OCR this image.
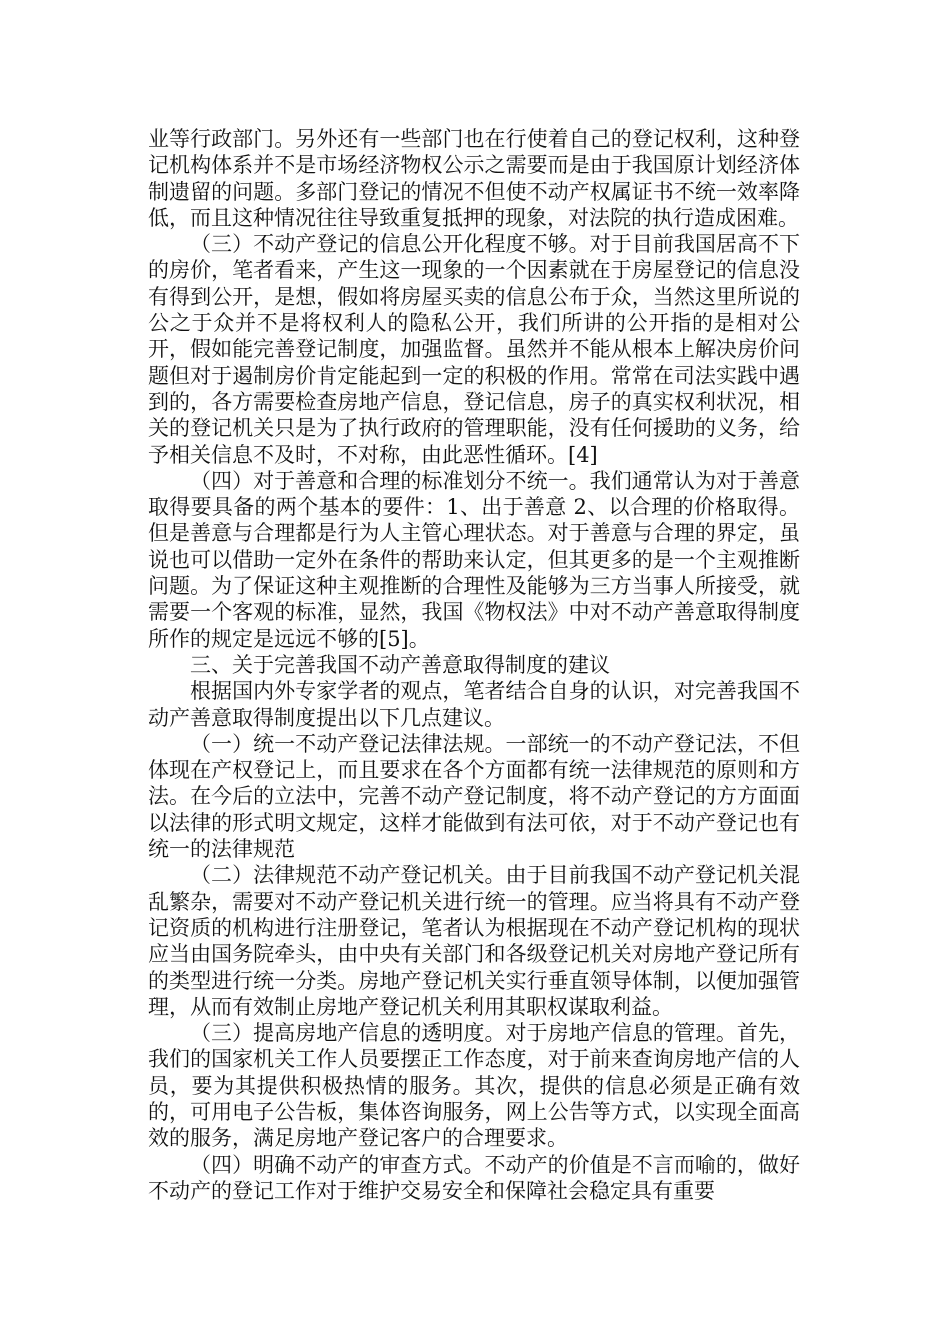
业等行政部门。另外还有一些部门也在行使着自己的登记权利，这种登记机构体系并不是市场经济物权公示之需要而是由于我国原计划经济体制遗留的问题。多部门登记的情况不但使不动产权属证书不统一效率降低，而且这种情况往往导致重复抵押的现象，对法院的执行造成困难。

（三）不动产登记的信息公开化程度不够。对于目前我国居高不下的房价，笔者看来，产生这一现象的一个因素就在于房屋登记的信息没有得到公开，是想，假如将房屋买卖的信息公布于众，当然这里所说的公之于众并不是将权利人的隐私公开，我们所讲的公开指的是相对公开，假如能完善登记制度，加强监督。虽然并不能从根本上解决房价问题但对于遏制房价肯定能起到一定的积极的作用。常常在司法实践中遇到的，各方需要检查房地产信息，登记信息，房子的真实权利状况，相关的登记机关只是为了执行政府的管理职能，没有任何援助的义务，给予相关信息不及时，不对称，由此恶性循环。[4]

（四）对于善意和合理的标准划分不统一。我们通常认为对于善意取得要具备的两个基本的要件：1、出于善意 2、以合理的价格取得。但是善意与合理都是行为人主管心理状态。对于善意与合理的界定，虽说也可以借助一定外在条件的帮助来认定，但其更多的是一个主观推断问题。为了保证这种主观推断的合理性及能够为三方当事人所接受，就需要一个客观的标准，显然，我国《物权法》中对不动产善意取得制度所作的规定是远远不够的[5]。

三、关于完善我国不动产善意取得制度的建议

根据国内外专家学者的观点，笔者结合自身的认识，对完善我国不动产善意取得制度提出以下几点建议。

（一）统一不动产登记法律法规。一部统一的不动产登记法，不但体现在产权登记上，而且要求在各个方面都有统一法律规范的原则和方法。在今后的立法中，完善不动产登记制度，将不动产登记的方方面面以法律的形式明文规定，这样才能做到有法可依，对于不动产登记也有统一的法律规范

（二）法律规范不动产登记机关。由于目前我国不动产登记机关混乱繁杂，需要对不动产登记机关进行统一的管理。应当将具有不动产登记资质的机构进行注册登记，笔者认为根据现在不动产登记机构的现状应当由国务院牵头，由中央有关部门和各级登记机关对房地产登记所有的类型进行统一分类。房地产登记机关实行垂直领导体制，以便加强管理，从而有效制止房地产登记机关利用其职权谋取利益。

（三）提高房地产信息的透明度。对于房地产信息的管理。首先，我们的国家机关工作人员要摆正工作态度，对于前来查询房地产信的人员，要为其提供积极热情的服务。其次，提供的信息必须是正确有效的，可用电子公告板，集体咨询服务，网上公告等方式，以实现全面高效的服务，满足房地产登记客户的合理要求。

（四）明确不动产的审查方式。不动产的价值是不言而喻的，做好不动产的登记工作对于维护交易安全和保障社会稳定具有重要
